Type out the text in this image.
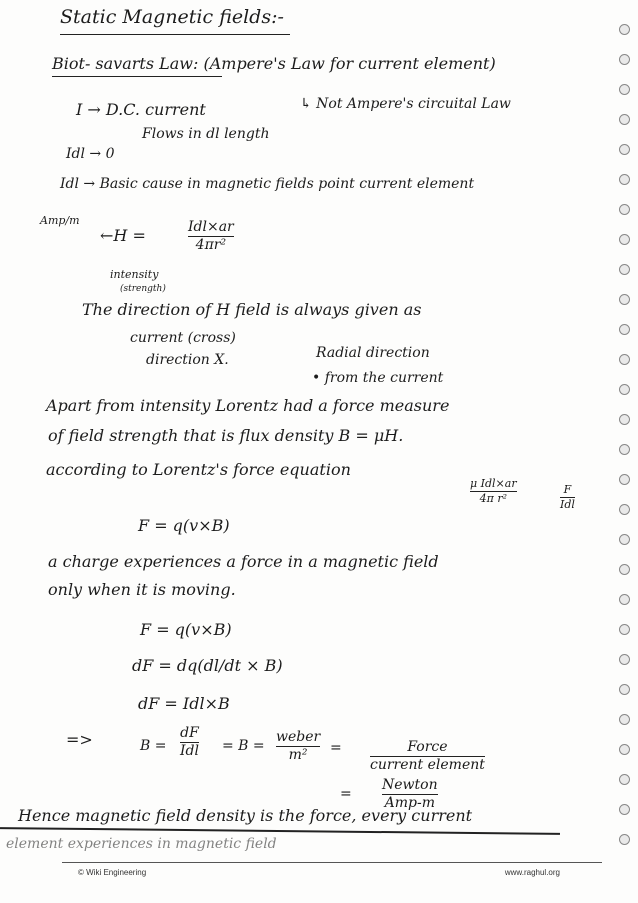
Static Magnetic fields:-
Biot- savarts Law: (Ampere's Law for current element)
↳ Not Ampere's circuital Law
I → D.C. current
Flows in dl length
Idl → 0
Idl → Basic cause in magnetic fields point current element
Amp/m
←H =	Idl×ar
4πr²
intensity
(strength)
The direction of H field is always given as
current (cross)
Radial direction
direction X.
• from the current
Apart from intensity Lorentz had a force measure
of field strength that is flux density B = μH.
according to Lorentz's force equation
μ Idl×ar
4π r²
F
Idl
F = q(v×B)
a charge experiences a force in a magnetic field
only when it is moving.
F = q(v×B)
dF = dq(dl/dt × B)
dF = Idl×B
=>	B =
dF
Idl = B =
weber
m² =	Force
current element
=
Newton
Amp-m
Hence magnetic field density is the force, every current
element experiences in magnetic field
© Wiki Engineering	www.raghul.org
